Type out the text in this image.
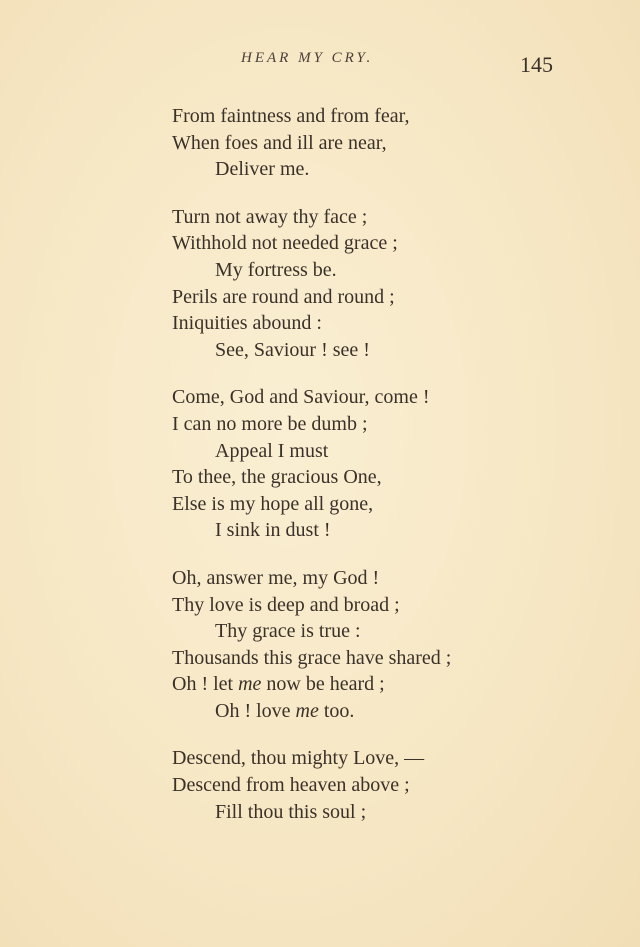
HEAR MY CRY.	145
From faintness and from fear,
When foes and ill are near,
Deliver me.
Turn not away thy face ;
Withhold not needed grace ;
My fortress be.
Perils are round and round ;
Iniquities abound :
See, Saviour ! see !
Come, God and Saviour, come !
I can no more be dumb ;
Appeal I must
To thee, the gracious One,
Else is my hope all gone,
I sink in dust !
Oh, answer me, my God !
Thy love is deep and broad ;
Thy grace is true :
Thousands this grace have shared ;
Oh ! let me now be heard ;
Oh ! love me too.
Descend, thou mighty Love, —
Descend from heaven above ;
Fill thou this soul ;
